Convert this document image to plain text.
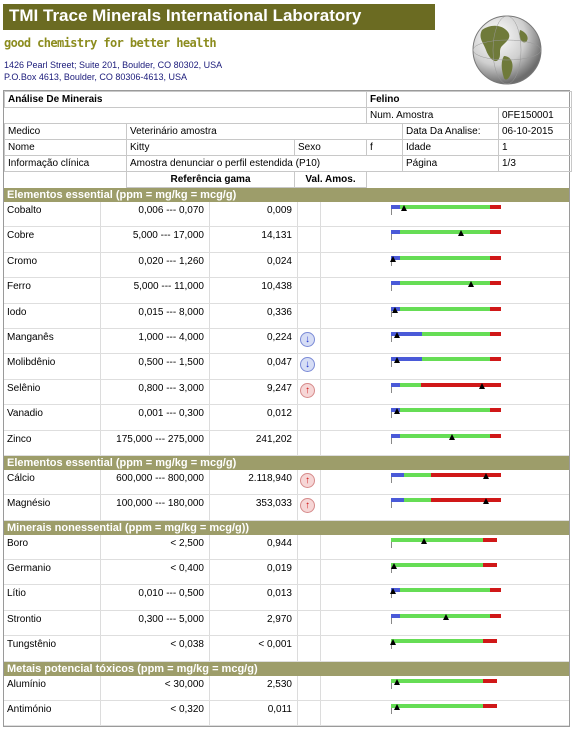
TMI Trace Minerals International Laboratory
good chemistry for better health
1426 Pearl Street; Suite 201, Boulder, CO 80302, USA
P.O.Box 4613, Boulder, CO 80306-4613, USA
Análise De Minerais			Felino		
			Num. Amostra		0FE150001
Medico	Veterinário amostra			Data Da Analise:	06-10-2015
Nome	Kitty	Sexo	f	Idade	1
Informação clínica	Amostra denunciar o perfil estendida (P10)			Página	1/3
	Referência gama	Val. Amos.			
Elementos essential (ppm = mg/kg = mcg/g)
Cobalto	0,006 --- 0,070	0,009
Cobre	5,000 --- 17,000	14,131
Cromo	0,020 --- 1,260	0,024
Ferro	5,000 --- 11,000	10,438
Iodo	0,015 --- 8,000	0,336
Manganês	1,000 --- 4,000	0,224	↓
Molibdênio	0,500 --- 1,500	0,047	↓
Selênio	0,800 --- 3,000	9,247	↑
Vanadio	0,001 --- 0,300	0,012
Zinco	175,000 --- 275,000	241,202
Elementos essential (ppm = mg/kg = mcg/g)
Cálcio	600,000 --- 800,000	2.118,940	↑
Magnésio	100,000 --- 180,000	353,033	↑
Minerais nonessential (ppm = mg/kg = mcg/g))
Boro	< 2,500	0,944
Germanio	< 0,400	0,019
Lítio	0,010 --- 0,500	0,013
Strontio	0,300 --- 5,000	2,970
Tungstênio	< 0,038	< 0,001
Metais potencial tóxicos (ppm = mg/kg = mcg/g)
Alumínio	< 30,000	2,530
Antimónio	< 0,320	0,011
